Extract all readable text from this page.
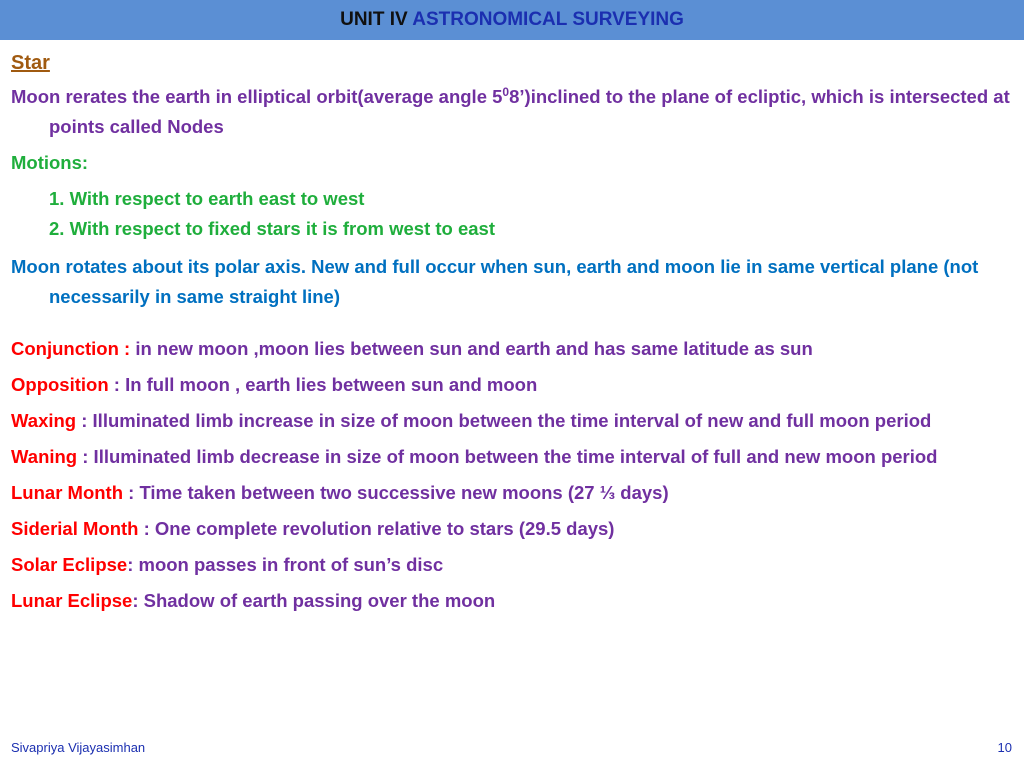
UNIT IV ASTRONOMICAL SURVEYING
Star
Moon rerates the earth in elliptical orbit(average angle $5^08’)inclined$ to the plane of ecliptic, which is intersected at points called Nodes
Motions:
1. With respect to earth east to west
2. With respect to fixed stars it is from west to east
Moon rotates about its polar axis. New and full occur when sun, earth and moon lie in same vertical plane (not necessarily in same straight line)
Conjunction : in new moon ,moon lies between sun and earth and has same latitude as sun
Opposition : In full moon , earth lies between sun and moon
Waxing : Illuminated limb increase in size of moon between the time interval of new and full moon period
Waning : Illuminated limb decrease in size of moon between the time interval of full and new moon period
Lunar Month : Time taken between two successive new moons (27 ⅓ days)
Siderial Month : One complete revolution relative to stars (29.5 days)
Solar Eclipse: moon passes in front of sun’s disc
Lunar Eclipse: Shadow of earth passing over the moon
Sivapriya Vijayasimhan	10
